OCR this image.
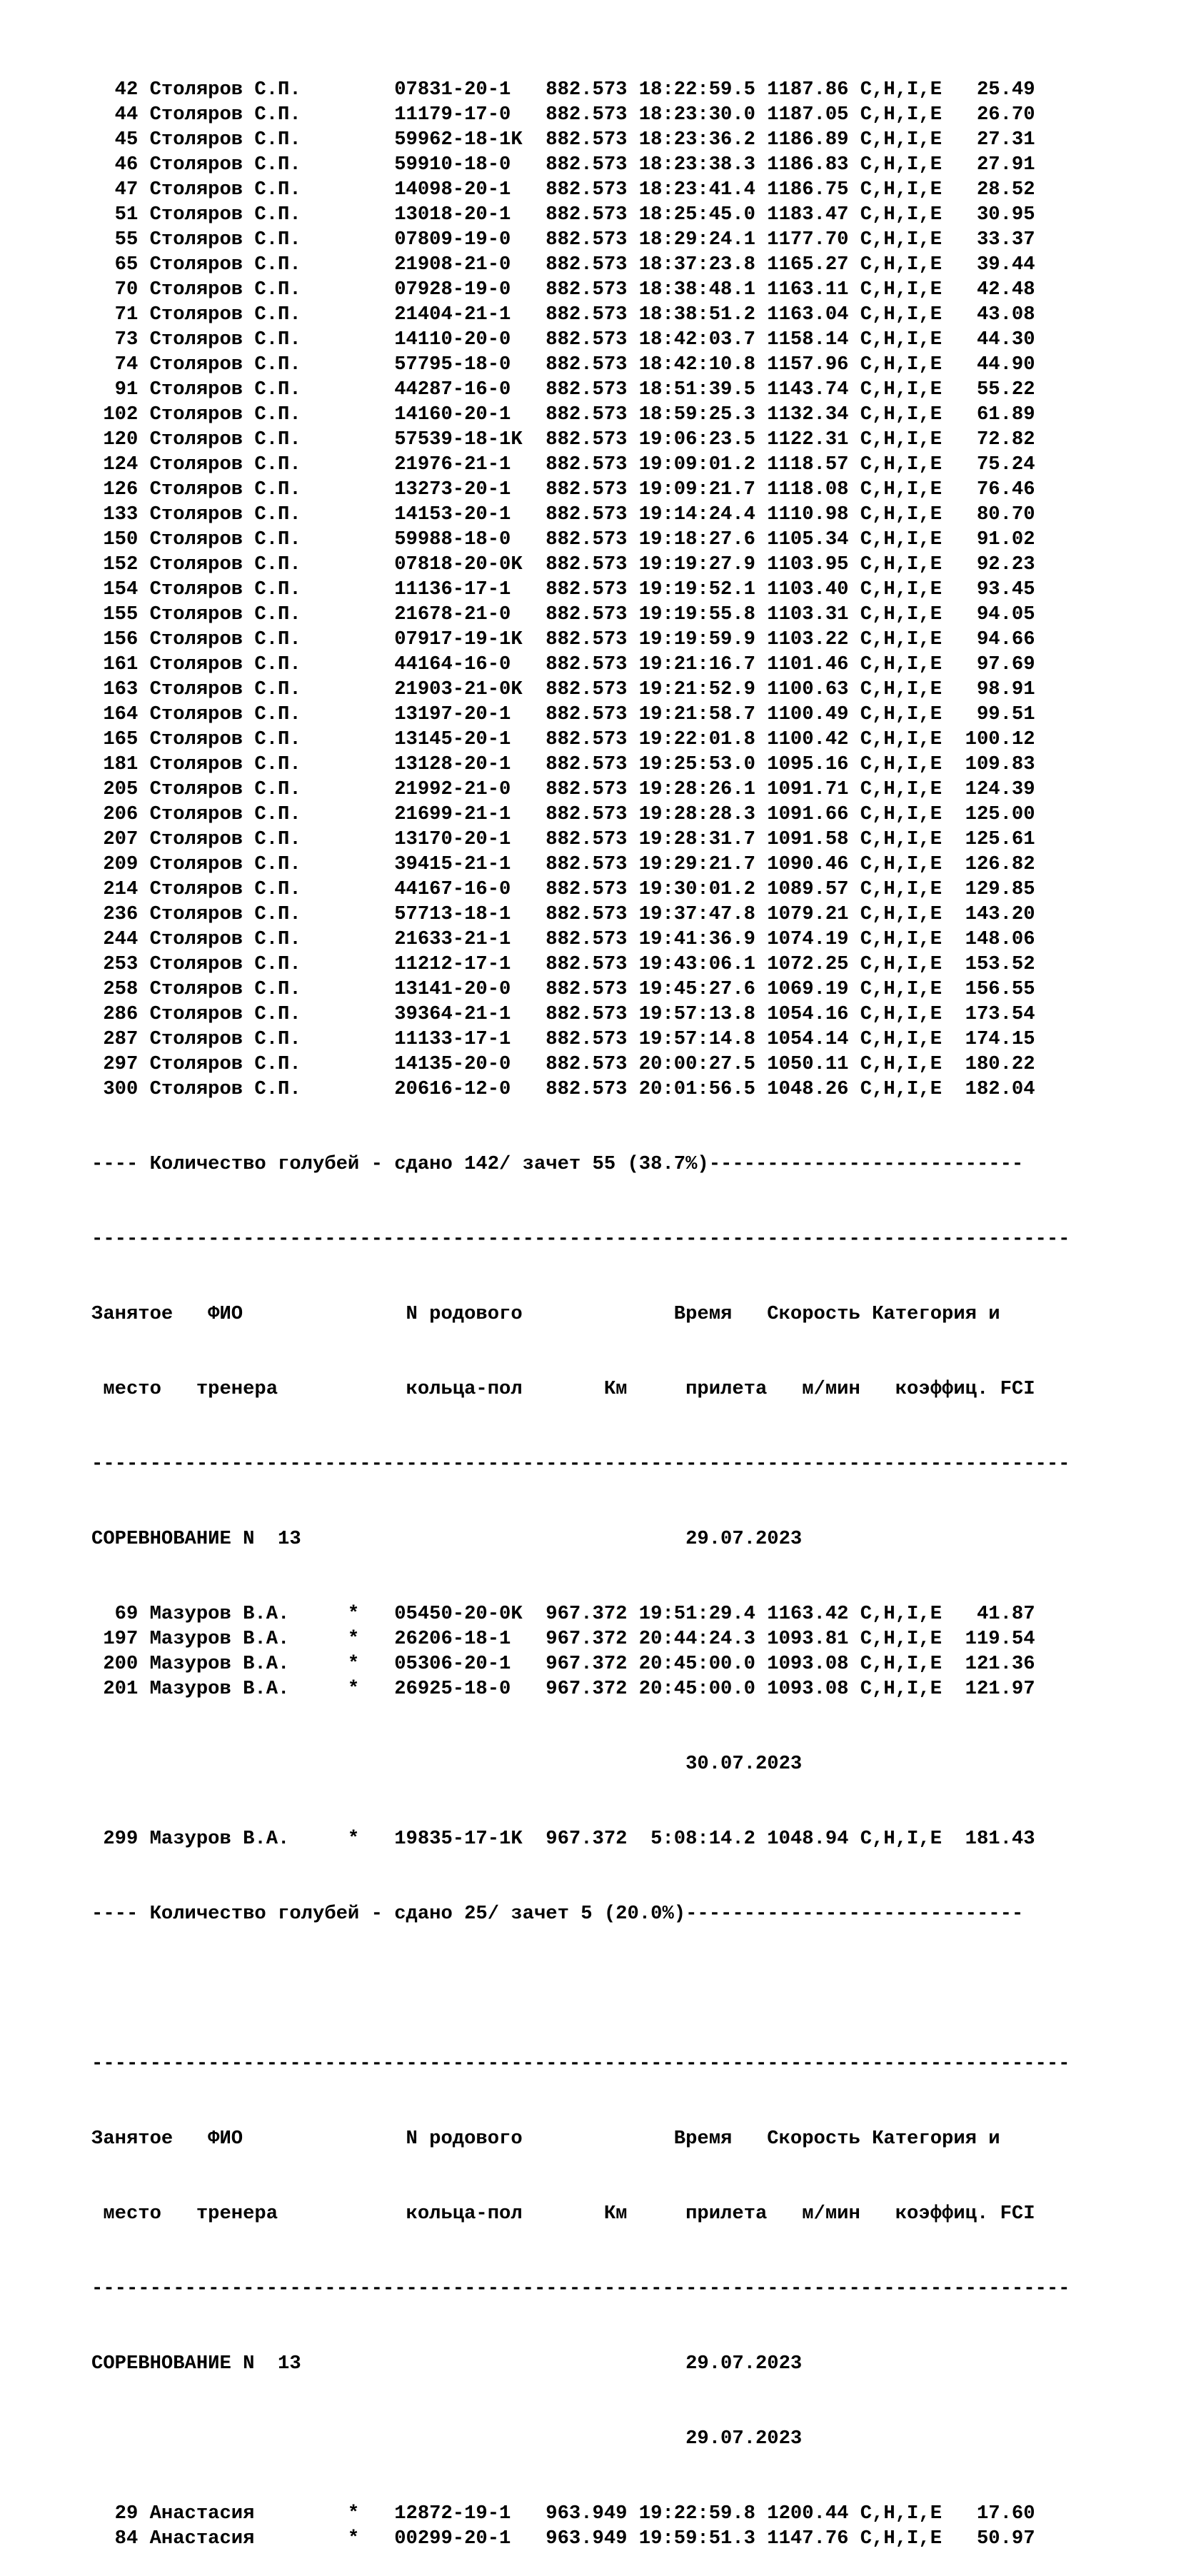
42 Столяров С.П.        07831-20-1   882.573 18:22:59.5 1187.86 C,H,I,E   25.49
44 Столяров С.П.        11179-17-0   882.573 18:23:30.0 1187.05 C,H,I,E   26.70
45 Столяров С.П.        59962-18-1K  882.573 18:23:36.2 1186.89 C,H,I,E   27.31
46 Столяров С.П.        59910-18-0   882.573 18:23:38.3 1186.83 C,H,I,E   27.91
47 Столяров С.П.        14098-20-1   882.573 18:23:41.4 1186.75 C,H,I,E   28.52
51 Столяров С.П.        13018-20-1   882.573 18:25:45.0 1183.47 C,H,I,E   30.95
55 Столяров С.П.        07809-19-0   882.573 18:29:24.1 1177.70 C,H,I,E   33.37
65 Столяров С.П.        21908-21-0   882.573 18:37:23.8 1165.27 C,H,I,E   39.44
70 Столяров С.П.        07928-19-0   882.573 18:38:48.1 1163.11 C,H,I,E   42.48
71 Столяров С.П.        21404-21-1   882.573 18:38:51.2 1163.04 C,H,I,E   43.08
73 Столяров С.П.        14110-20-0   882.573 18:42:03.7 1158.14 C,H,I,E   44.30
74 Столяров С.П.        57795-18-0   882.573 18:42:10.8 1157.96 C,H,I,E   44.90
91 Столяров С.П.        44287-16-0   882.573 18:51:39.5 1143.74 C,H,I,E   55.22
102 Столяров С.П.        14160-20-1   882.573 18:59:25.3 1132.34 C,H,I,E   61.89
120 Столяров С.П.        57539-18-1K  882.573 19:06:23.5 1122.31 C,H,I,E   72.82
124 Столяров С.П.        21976-21-1   882.573 19:09:01.2 1118.57 C,H,I,E   75.24
126 Столяров С.П.        13273-20-1   882.573 19:09:21.7 1118.08 C,H,I,E   76.46
133 Столяров С.П.        14153-20-1   882.573 19:14:24.4 1110.98 C,H,I,E   80.70
150 Столяров С.П.        59988-18-0   882.573 19:18:27.6 1105.34 C,H,I,E   91.02
152 Столяров С.П.        07818-20-0K  882.573 19:19:27.9 1103.95 C,H,I,E   92.23
154 Столяров С.П.        11136-17-1   882.573 19:19:52.1 1103.40 C,H,I,E   93.45
155 Столяров С.П.        21678-21-0   882.573 19:19:55.8 1103.31 C,H,I,E   94.05
156 Столяров С.П.        07917-19-1K  882.573 19:19:59.9 1103.22 C,H,I,E   94.66
161 Столяров С.П.        44164-16-0   882.573 19:21:16.7 1101.46 C,H,I,E   97.69
163 Столяров С.П.        21903-21-0K  882.573 19:21:52.9 1100.63 C,H,I,E   98.91
164 Столяров С.П.        13197-20-1   882.573 19:21:58.7 1100.49 C,H,I,E   99.51
165 Столяров С.П.        13145-20-1   882.573 19:22:01.8 1100.42 C,H,I,E  100.12
181 Столяров С.П.        13128-20-1   882.573 19:25:53.0 1095.16 C,H,I,E  109.83
205 Столяров С.П.        21992-21-0   882.573 19:28:26.1 1091.71 C,H,I,E  124.39
206 Столяров С.П.        21699-21-1   882.573 19:28:28.3 1091.66 C,H,I,E  125.00
207 Столяров С.П.        13170-20-1   882.573 19:28:31.7 1091.58 C,H,I,E  125.61
209 Столяров С.П.        39415-21-1   882.573 19:29:21.7 1090.46 C,H,I,E  126.82
214 Столяров С.П.        44167-16-0   882.573 19:30:01.2 1089.57 C,H,I,E  129.85
236 Столяров С.П.        57713-18-1   882.573 19:37:47.8 1079.21 C,H,I,E  143.20
244 Столяров С.П.        21633-21-1   882.573 19:41:36.9 1074.19 C,H,I,E  148.06
253 Столяров С.П.        11212-17-1   882.573 19:43:06.1 1072.25 C,H,I,E  153.52
258 Столяров С.П.        13141-20-0   882.573 19:45:27.6 1069.19 C,H,I,E  156.55
286 Столяров С.П.        39364-21-1   882.573 19:57:13.8 1054.16 C,H,I,E  173.54
287 Столяров С.П.        11133-17-1   882.573 19:57:14.8 1054.14 C,H,I,E  174.15
297 Столяров С.П.        14135-20-0   882.573 20:00:27.5 1050.11 C,H,I,E  180.22
300 Столяров С.П.        20616-12-0   882.573 20:01:56.5 1048.26 C,H,I,E  182.04

---- Количество голубей - сдано 142/ зачет 55 (38.7%)---------------------------

------------------------------------------------------------------------------------

Занятое   ФИО              N родового             Время   Скорость Категория и

место   тренера           кольца-пол       Км     прилета   м/мин   коэффиц. FCI

------------------------------------------------------------------------------------

СОРЕВНОВАНИЕ N  13                                 29.07.2023

69 Мазуров В.А.     *   05450-20-0K  967.372 19:51:29.4 1163.42 C,H,I,E   41.87
197 Мазуров В.А.     *   26206-18-1   967.372 20:44:24.3 1093.81 C,H,I,E  119.54
200 Мазуров В.А.     *   05306-20-1   967.372 20:45:00.0 1093.08 C,H,I,E  121.36
201 Мазуров В.А.     *   26925-18-0   967.372 20:45:00.0 1093.08 C,H,I,E  121.97

30.07.2023

299 Мазуров В.А.     *   19835-17-1K  967.372  5:08:14.2 1048.94 C,H,I,E  181.43

---- Количество голубей - сдано 25/ зачет 5 (20.0%)-----------------------------

------------------------------------------------------------------------------------

Занятое   ФИО              N родового             Время   Скорость Категория и

место   тренера           кольца-пол       Км     прилета   м/мин   коэффиц. FCI

------------------------------------------------------------------------------------

СОРЕВНОВАНИЕ N  13                                 29.07.2023

29.07.2023

29 Анастасия        *   12872-19-1   963.949 19:22:59.8 1200.44 C,H,I,E   17.60
84 Анастасия        *   00299-20-1   963.949 19:59:51.3 1147.76 C,H,I,E   50.97
